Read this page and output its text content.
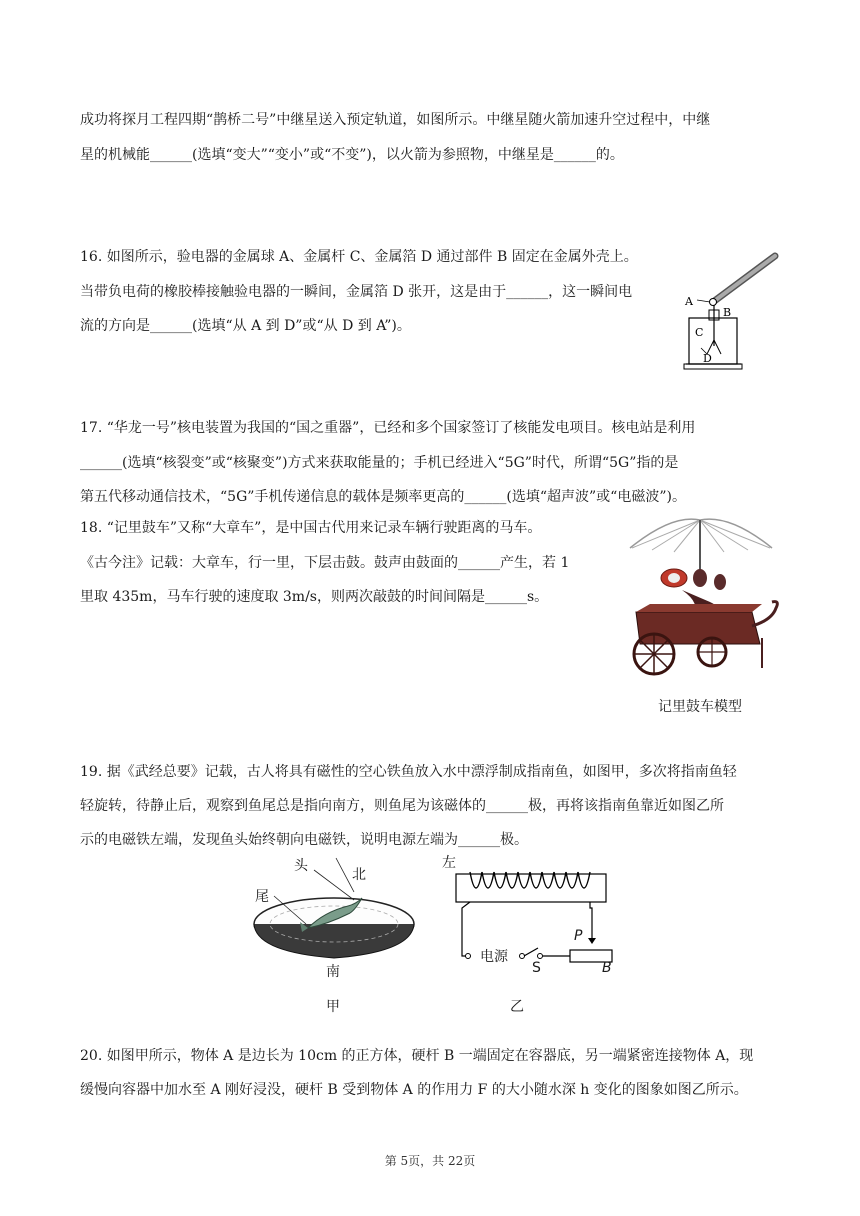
成功将探月工程四期“鹊桥二号”中继星送入预定轨道，如图所示。中继星随火箭加速升空过程中，中继
星的机械能______(选填“变大”“变小”或“不变”)，以火箭为参照物，中继星是______的。
16. 如图所示，验电器的金属球 A、金属杆 C、金属箔 D 通过部件 B 固定在金属外壳上。
当带负电荷的橡胶棒接触验电器的一瞬间，金属箔 D 张开，这是由于______，这一瞬间电
流的方向是______(选填“从 A 到 D”或“从 D 到 A”)。
A
B
C
D
17. “华龙一号”核电装置为我国的“国之重器”，已经和多个国家签订了核能发电项目。核电站是利用
______(选填“核裂变”或“核聚变”)方式来获取能量的；手机已经进入“5G”时代，所谓“5G”指的是
第五代移动通信技术，“5G”手机传递信息的载体是频率更高的______(选填“超声波”或“电磁波”)。
18. “记里鼓车”又称“大章车”，是中国古代用来记录车辆行驶距离的马车。
《古今注》记载：大章车，行一里，下层击鼓。鼓声由鼓面的______产生，若 1
里取 435m，马车行驶的速度取 3m/s，则两次敲鼓的时间间隔是______s。
记里鼓车模型
19. 据《武经总要》记载，古人将具有磁性的空心铁鱼放入水中漂浮制成指南鱼，如图甲，多次将指南鱼轻
轻旋转，待静止后，观察到鱼尾总是指向南方，则鱼尾为该磁体的______极，再将该指南鱼靠近如图乙所
示的电磁铁左端，发现鱼头始终朝向电磁铁，说明电源左端为______极。
头
北
尾
南
甲
左
电源
S
P
B
乙
20. 如图甲所示，物体 A 是边长为 10cm 的正方体，硬杆 B 一端固定在容器底，另一端紧密连接物体 A，现
缓慢向容器中加水至 A 刚好浸没，硬杆 B 受到物体 A 的作用力 F 的大小随水深 h 变化的图象如图乙所示。
第 5页，共 22页
